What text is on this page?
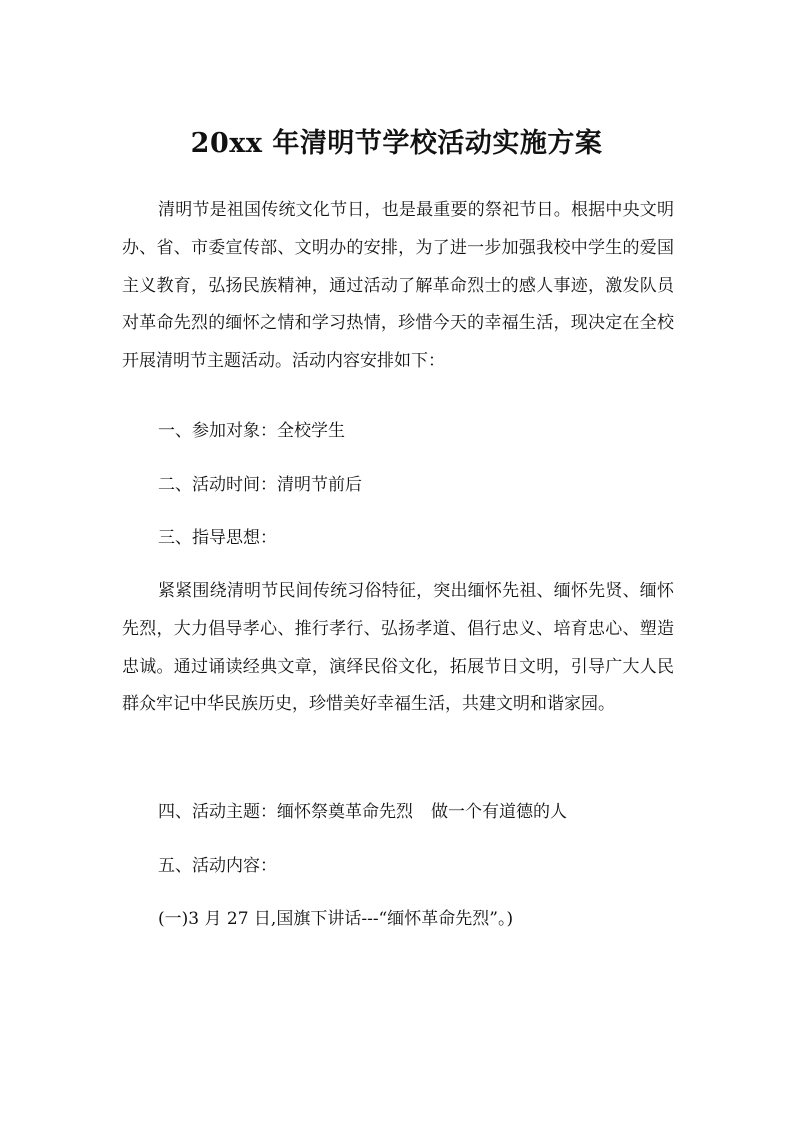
20xx 年清明节学校活动实施方案

清明节是祖国传统文化节日，也是最重要的祭祀节日。根据中央文明办、省、市委宣传部、文明办的安排，为了进一步加强我校中学生的爱国主义教育，弘扬民族精神，通过活动了解革命烈士的感人事迹，激发队员对革命先烈的缅怀之情和学习热情，珍惜今天的幸福生活，现决定在全校开展清明节主题活动。活动内容安排如下：

一、参加对象：全校学生

二、活动时间：清明节前后

三、指导思想：

紧紧围绕清明节民间传统习俗特征，突出缅怀先祖、缅怀先贤、缅怀先烈，大力倡导孝心、推行孝行、弘扬孝道、倡行忠义、培育忠心、塑造忠诚。通过诵读经典文章，演绎民俗文化，拓展节日文明，引导广大人民群众牢记中华民族历史，珍惜美好幸福生活，共建文明和谐家园。

四、活动主题：缅怀祭奠革命先烈 做一个有道德的人

五、活动内容：

(一)3 月 27 日,国旗下讲话---“缅怀革命先烈”。)
